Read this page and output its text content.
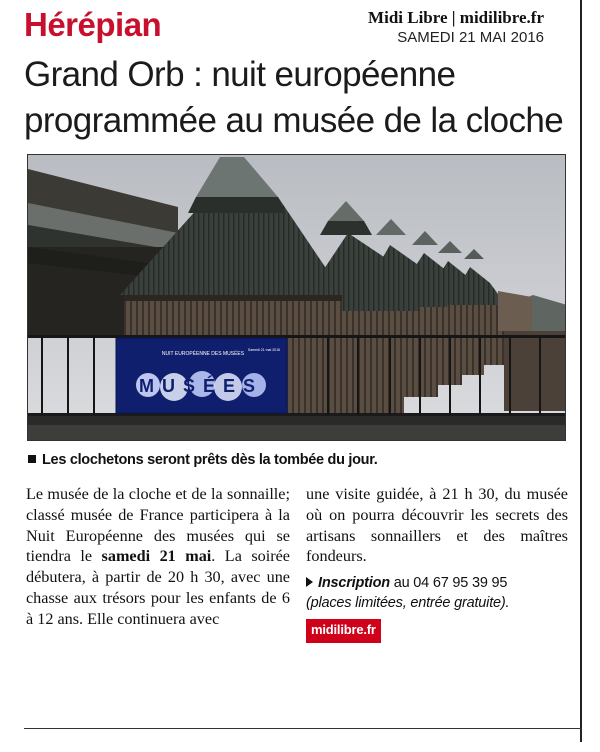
Hérépian	Midi Libre | midilibre.fr
SAMEDI 21 MAI 2016
Grand Orb : nuit européenne
programmée au musée de la cloche
MUSÉES
NUIT EUROPÉENNE DES MUSÉES
Samedi 21 mai 2016
Les clochetons seront prêts dès la tombée du jour.

Le musée de la cloche et de la sonnaille; classé musée de France participera à la Nuit Européenne des musées qui se tiendra le samedi 21 mai. La soirée débutera, à partir de 20 h 30, avec une chasse aux trésors pour les enfants de 6 à 12 ans. Elle continuera avec

une visite guidée, à 21 h 30, du musée où on pourra découvrir les secrets des artisans sonnaillers et des maîtres fondeurs.

Inscription au 04 67 95 39 95
(places limitées, entrée gratuite).
midilibre.fr
